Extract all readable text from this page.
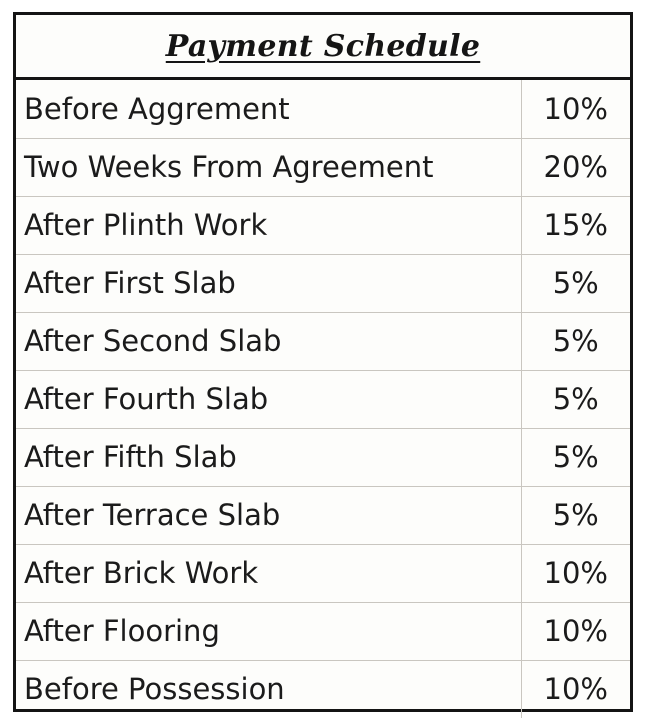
Payment Schedule
Before Aggrement	10%
Two Weeks From Agreement	20%
After Plinth Work	15%
After First Slab	5%
After Second Slab	5%
After Fourth Slab	5%
After Fifth Slab	5%
After Terrace Slab	5%
After Brick Work	10%
After Flooring	10%
Before Possession	10%
